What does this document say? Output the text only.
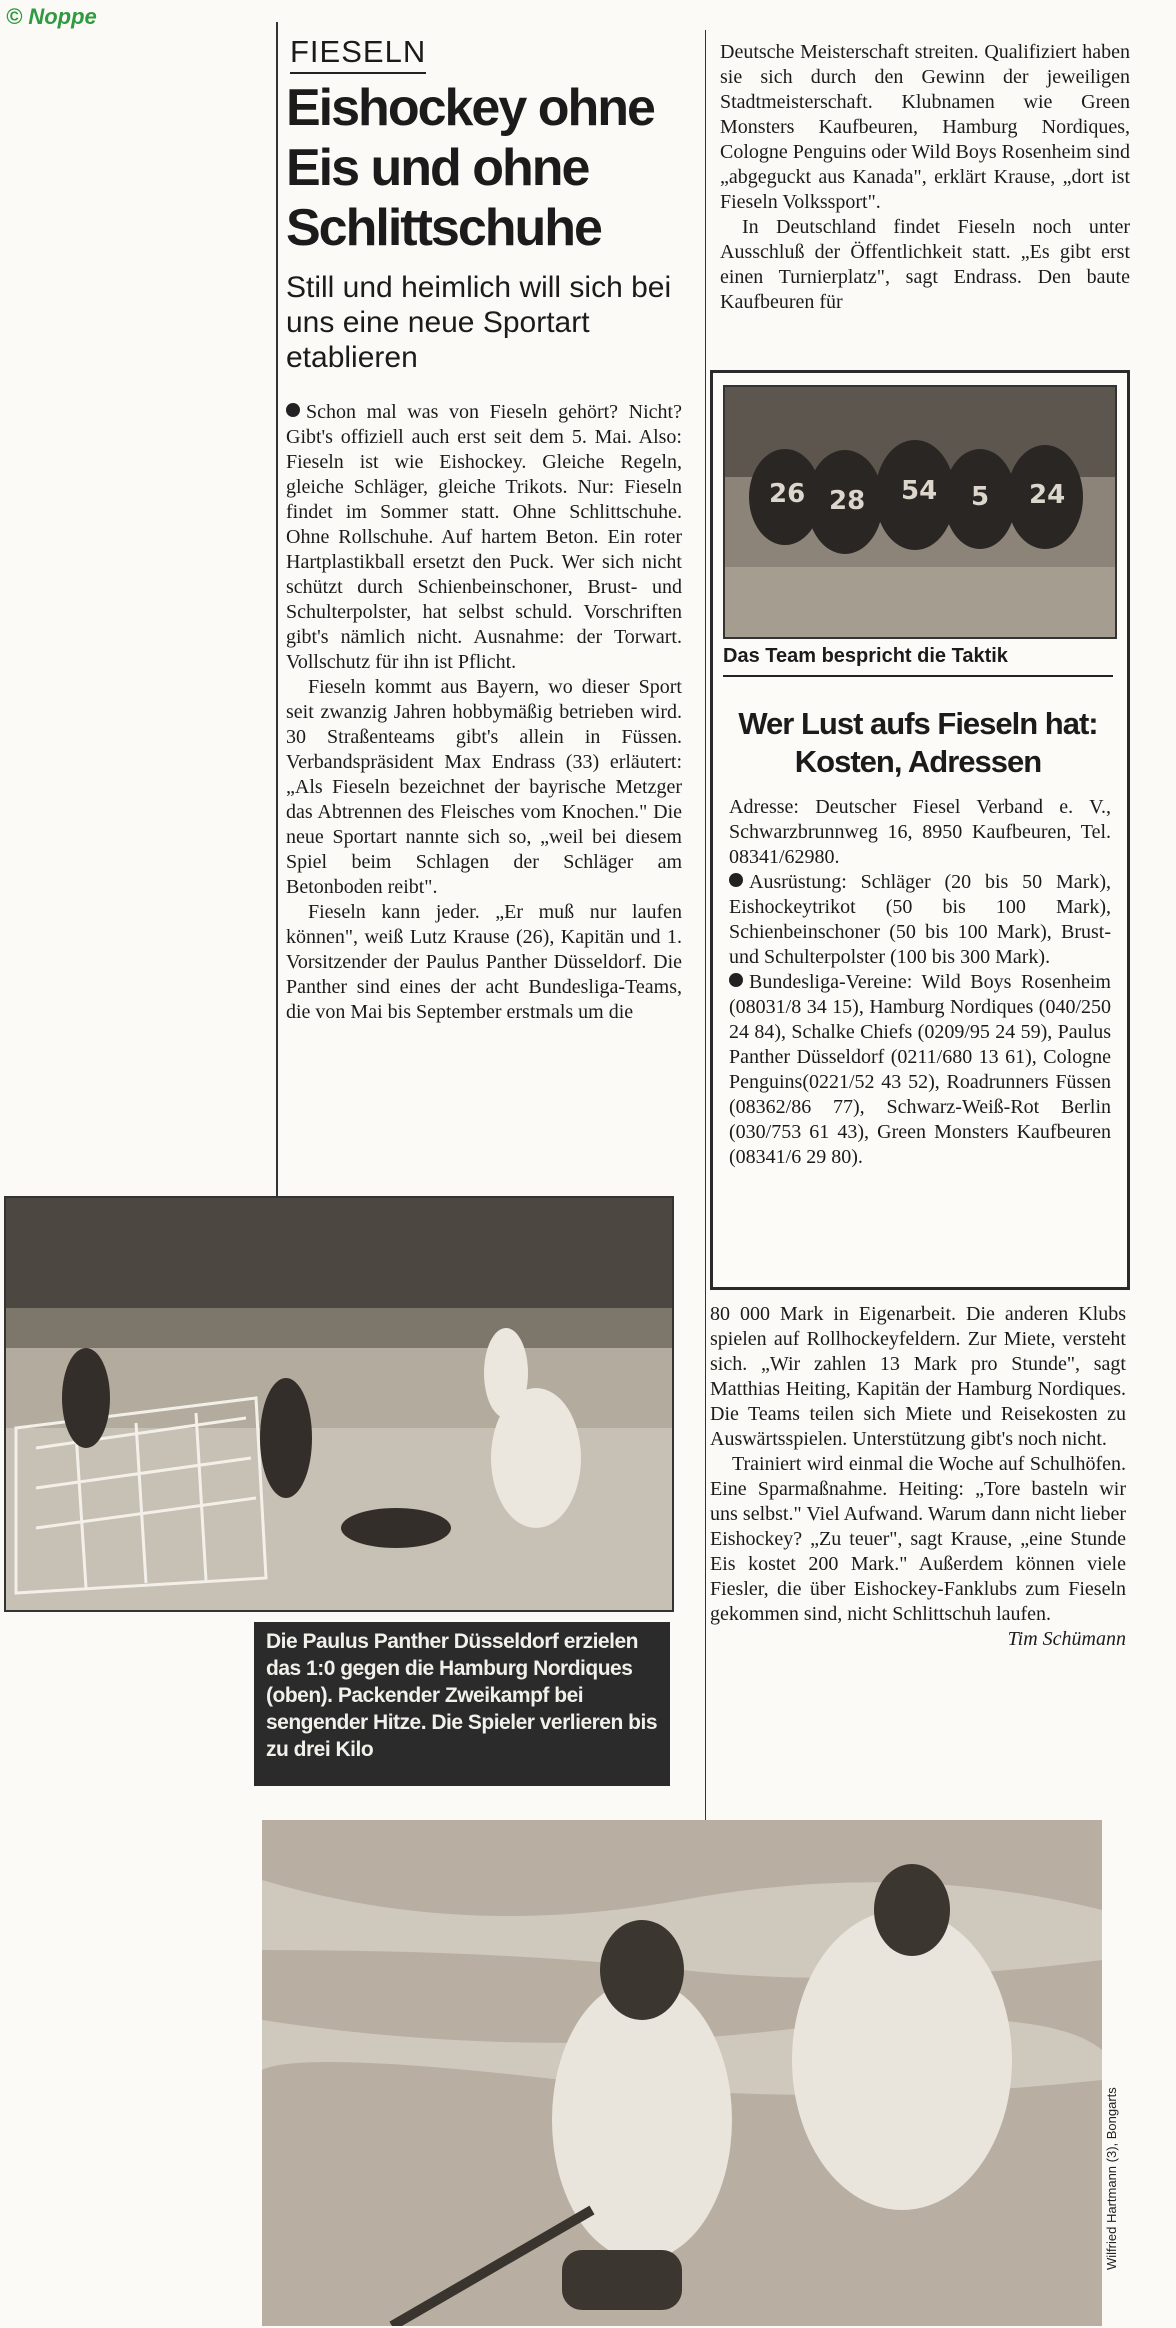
© Noppe
FIESELN
Eishockey ohne Eis und ohne Schlittschuhe
Still und heimlich will sich bei uns eine neue Sportart etablieren

Schon mal was von Fieseln gehört? Nicht? Gibt's offiziell auch erst seit dem 5. Mai. Also: Fieseln ist wie Eishockey. Gleiche Regeln, gleiche Schläger, gleiche Trikots. Nur: Fieseln findet im Sommer statt. Ohne Schlittschuhe. Ohne Rollschuhe. Auf hartem Beton. Ein roter Hartplastikball ersetzt den Puck. Wer sich nicht schützt durch Schienbeinschoner, Brust- und Schulterpolster, hat selbst schuld. Vorschriften gibt's nämlich nicht. Ausnahme: der Torwart. Vollschutz für ihn ist Pflicht.

Fieseln kommt aus Bayern, wo dieser Sport seit zwanzig Jahren hobbymäßig betrieben wird. 30 Straßenteams gibt's allein in Füssen. Verbandspräsident Max Endrass (33) erläutert: „Als Fieseln bezeichnet der bayrische Metzger das Abtrennen des Fleisches vom Knochen." Die neue Sportart nannte sich so, „weil bei diesem Spiel beim Schlagen der Schläger am Betonboden reibt".

Fieseln kann jeder. „Er muß nur laufen können", weiß Lutz Krause (26), Kapitän und 1. Vorsitzender der Paulus Panther Düsseldorf. Die Panther sind eines der acht Bundesliga-Teams, die von Mai bis September erstmals um die

Deutsche Meisterschaft streiten. Qualifiziert haben sie sich durch den Gewinn der jeweiligen Stadtmeisterschaft. Klubnamen wie Green Monsters Kaufbeuren, Hamburg Nordiques, Cologne Penguins oder Wild Boys Rosenheim sind „abgeguckt aus Kanada", erklärt Krause, „dort ist Fieseln Volkssport".

In Deutschland findet Fieseln noch unter Ausschluß der Öffentlichkeit statt. „Es gibt erst einen Turnierplatz", sagt Endrass. Den baute Kaufbeuren für

26 28 54 5 24
Das Team bespricht die Taktik
Wer Lust aufs Fieseln hat: Kosten, Adressen

Adresse: Deutscher Fiesel Verband e. V., Schwarzbrunnweg 16, 8950 Kaufbeuren, Tel. 08341/62980.

Ausrüstung: Schläger (20 bis 50 Mark), Eishockeytrikot (50 bis 100 Mark), Schienbeinschoner (50 bis 100 Mark), Brust- und Schulterpolster (100 bis 300 Mark).

Bundesliga-Vereine: Wild Boys Rosenheim (08031/8 34 15), Hamburg Nordiques (040/250 24 84), Schalke Chiefs (0209/95 24 59), Paulus Panther Düsseldorf (0211/680 13 61), Cologne Penguins(0221/52 43 52), Roadrunners Füssen (08362/86 77), Schwarz-Weiß-Rot Berlin (030/753 61 43), Green Monsters Kaufbeuren (08341/6 29 80).

80 000 Mark in Eigenarbeit. Die anderen Klubs spielen auf Rollhockeyfeldern. Zur Miete, versteht sich. „Wir zahlen 13 Mark pro Stunde", sagt Matthias Heiting, Kapitän der Hamburg Nordiques. Die Teams teilen sich Miete und Reisekosten zu Auswärtsspielen. Unterstützung gibt's noch nicht.

Trainiert wird einmal die Woche auf Schulhöfen. Eine Sparmaßnahme. Heiting: „Tore basteln wir uns selbst." Viel Aufwand. Warum dann nicht lieber Eishockey? „Zu teuer", sagt Krause, „eine Stunde Eis kostet 200 Mark." Außerdem können viele Fiesler, die über Eishockey-Fanklubs zum Fieseln gekommen sind, nicht Schlittschuh laufen.

Tim Schümann

Die Paulus Panther Düsseldorf erzielen das 1:0 gegen die Hamburg Nordiques (oben). Packender Zweikampf bei sengender Hitze. Die Spieler verlieren bis zu drei Kilo
Wilfried Hartmann (3), Bongarts
